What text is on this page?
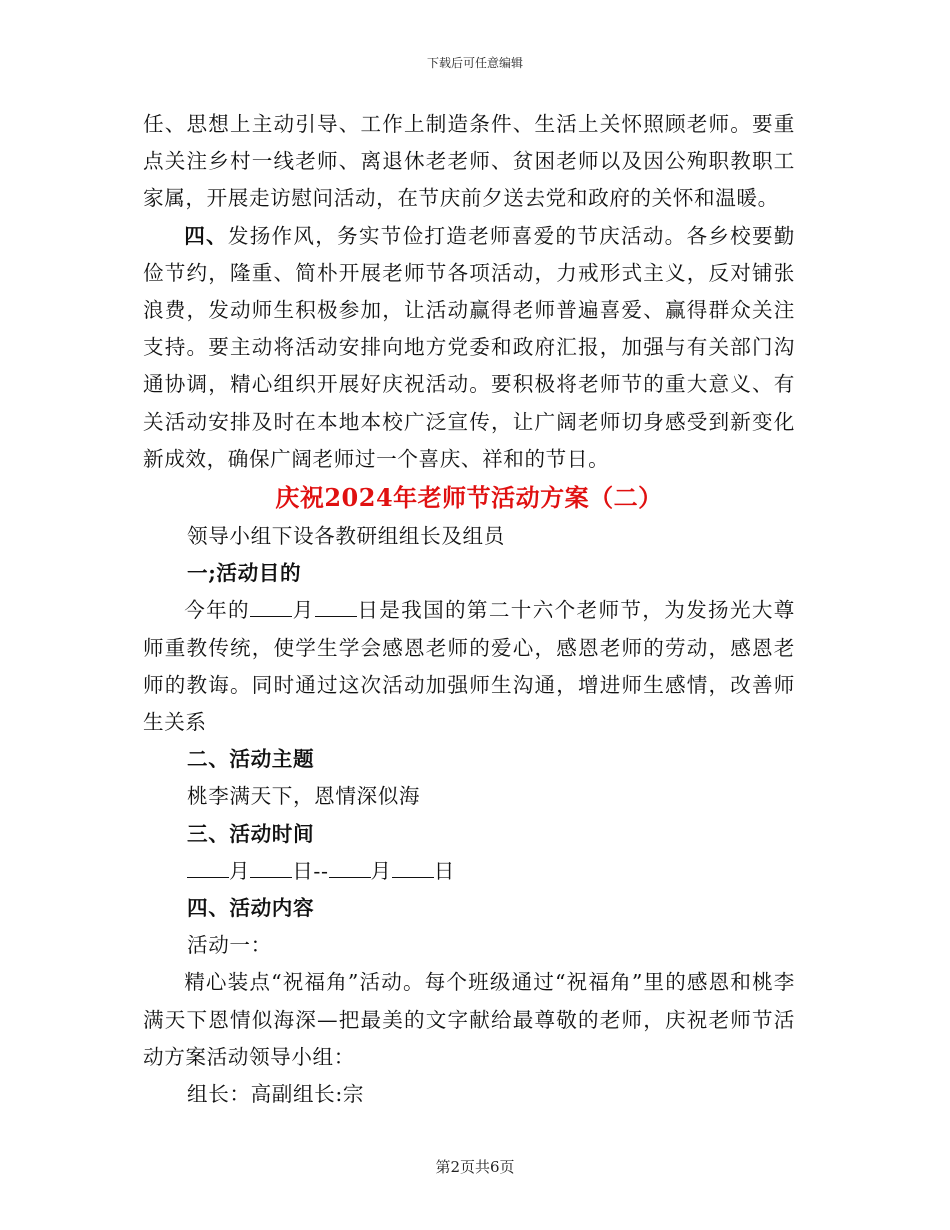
下载后可任意编辑

任、思想上主动引导、工作上制造条件、生活上关怀照顾老师。要重点关注乡村一线老师、离退休老老师、贫困老师以及因公殉职教职工家属，开展走访慰问活动，在节庆前夕送去党和政府的关怀和温暖。

四、发扬作风，务实节俭打造老师喜爱的节庆活动。各乡校要勤俭节约，隆重、简朴开展老师节各项活动，力戒形式主义，反对铺张浪费，发动师生积极参加，让活动赢得老师普遍喜爱、赢得群众关注支持。要主动将活动安排向地方党委和政府汇报，加强与有关部门沟通协调，精心组织开展好庆祝活动。要积极将老师节的重大意义、有关活动安排及时在本地本校广泛宣传，让广阔老师切身感受到新变化新成效，确保广阔老师过一个喜庆、祥和的节日。

庆祝2024年老师节活动方案（二）

领导小组下设各教研组组长及组员

一;活动目的

今年的 月 日是我国的第二十六个老师节，为发扬光大尊师重教传统，使学生学会感恩老师的爱心，感恩老师的劳动，感恩老师的教诲。同时通过这次活动加强师生沟通，增进师生感情，改善师生关系

二、活动主题

桃李满天下，恩情深似海

三、活动时间

月 日-- 月 日

四、活动内容

活动一：

精心装点“祝福角”活动。每个班级通过“祝福角”里的感恩和桃李满天下恩情似海深—把最美的文字献给最尊敬的老师，庆祝老师节活动方案活动领导小组：

组长：高副组长:宗

第2页共6页
